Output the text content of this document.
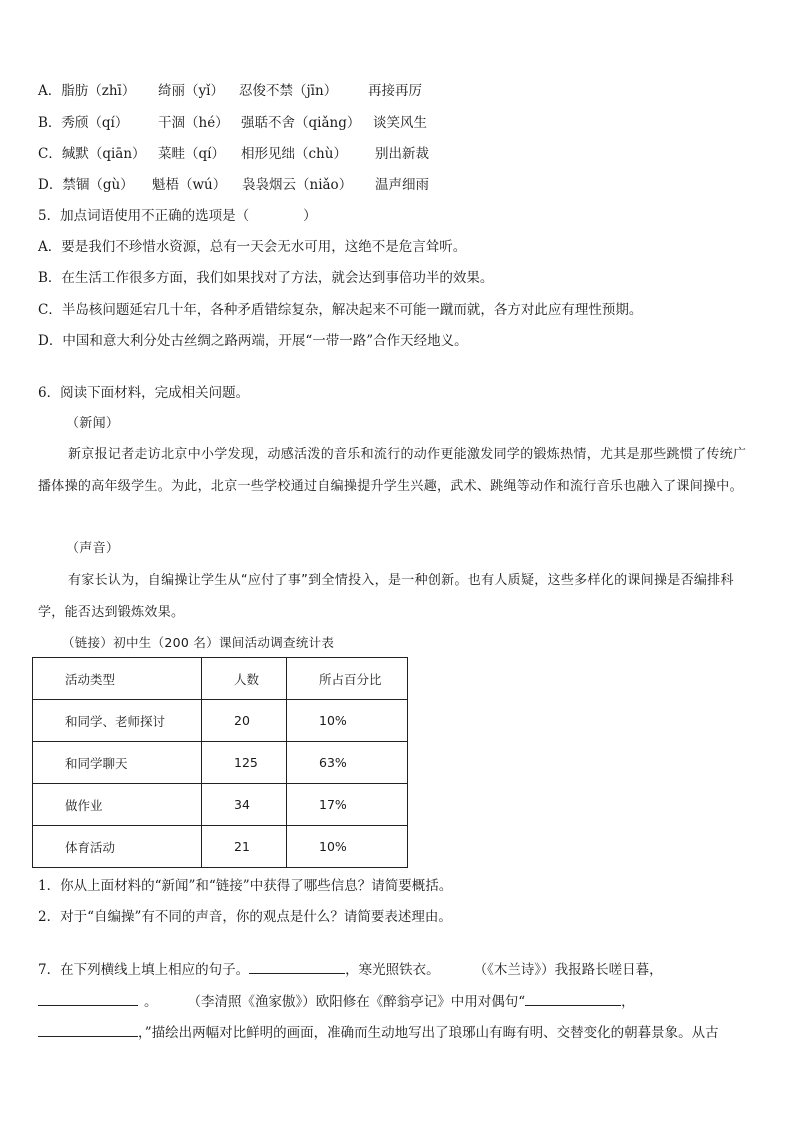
A．脂肪（zhī） 绮丽（yǐ） 忍俊不禁（jīn） 再接再厉
B．秀颀（qí） 干涸（hé） 强聒不舍（qiǎng） 谈笑风生
C．缄默（qiān） 菜畦（qí） 相形见绌（chù） 别出新裁
D．禁锢（gù） 魁梧（wú） 袅袅烟云（niǎo） 温声细雨
5．加点词语使用不正确的选项是（　　　　）
A．要是我们不珍惜水资源，总有一天会无水可用，这绝不是危言耸听。
B．在生活工作很多方面，我们如果找对了方法，就会达到事倍功半的效果。
C．半岛核问题延宕几十年，各种矛盾错综复杂，解决起来不可能一蹴而就，各方对此应有理性预期。
D．中国和意大利分处古丝绸之路两端，开展“一带一路”合作天经地义。
6．阅读下面材料，完成相关问题。
（新闻）
新京报记者走访北京中小学发现，动感活泼的音乐和流行的动作更能激发同学的锻炼热情，尤其是那些跳惯了传统广播体操的高年级学生。为此，北京一些学校通过自编操提升学生兴趣，武术、跳绳等动作和流行音乐也融入了课间操中。
（声音）
有家长认为，自编操让学生从“应付了事”到全情投入，是一种创新。也有人质疑，这些多样化的课间操是否编排科学，能否达到锻炼效果。
（链接）初中生（200 名）课间活动调查统计表
活动类型	人数	所占百分比
和同学、老师探讨	20	10%
和同学聊天	125	63%
做作业	34	17%
体育活动	21	10%
1．你从上面材料的“新闻”和“链接”中获得了哪些信息？请简要概括。
2．对于“自编操”有不同的声音，你的观点是什么？请简要表述理由。
7．在下列横线上填上相应的句子。	，寒光照铁衣。	（《木兰诗》）我报路长嗟日暮，
。 （李清照《渔家傲》）欧阳修在《醉翁亭记》中用对偶句“	，
，”描绘出两幅对比鲜明的画面，准确而生动地写出了琅琊山有晦有明、交替变化的朝暮景象。从古
